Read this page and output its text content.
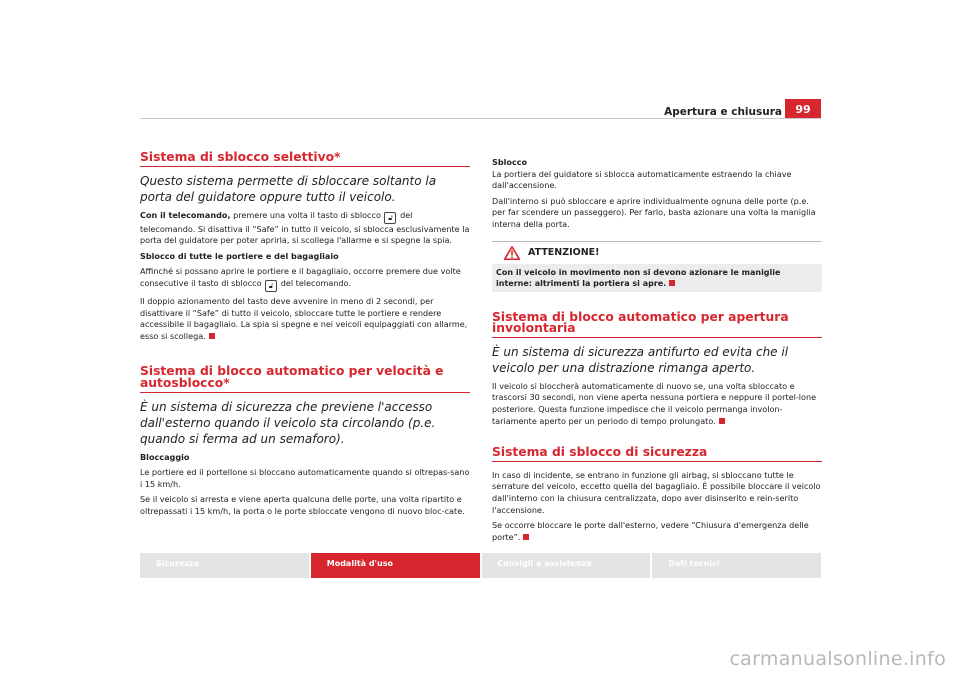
Apertura e chiusura	99
Sistema di sblocco selettivo*
Questo sistema permette di sbloccare soltanto la porta del guidatore oppure tutto il veicolo.

Con il telecomando, premere una volta il tasto di sblocco 🔓︎ del telecomando. Si disattiva il “Safe” in tutto il veicolo, si sblocca esclusivamente la porta del guidatore per poter aprirla, si scollega l'allarme e si spegne la spia.

Sblocco di tutte le portiere e del bagagliaio

Affinché si possano aprire le portiere e il bagagliaio, occorre premere due volte consecutive il tasto di sblocco 🔓︎ del telecomando.

Il doppio azionamento del tasto deve avvenire in meno di 2 secondi, per disattivare il “Safe” di tutto il veicolo, sbloccare tutte le portiere e rendere accessibile il bagagliaio. La spia si spegne e nei veicoli equipaggiati con allarme, esso si scollega.

Sistema di blocco automatico per velocità e autosblocco*
È un sistema di sicurezza che previene l'accesso dall'esterno quando il veicolo sta circolando (p.e. quando si ferma ad un semaforo).

Bloccaggio

Le portiere ed il portellone si bloccano automaticamente quando si oltrepas-sano i 15 km/h.

Se il veicolo si arresta e viene aperta qualcuna delle porte, una volta ripartito e oltrepassati i 15 km/h, la porta o le porte sbloccate vengono di nuovo bloc-cate.

Sblocco

La portiera del guidatore si sblocca automaticamente estraendo la chiave dall'accensione.

Dall'interno si può sbloccare e aprire individualmente ognuna delle porte (p.e. per far scendere un passeggero). Per farlo, basta azionare una volta la maniglia interna della porta.

ATTENZIONE!
Con il veicolo in movimento non si devono azionare le maniglie interne: altrimenti la portiera si apre.
Sistema di blocco automatico per apertura involontaria
È un sistema di sicurezza antifurto ed evita che il veicolo per una distrazione rimanga aperto.

Il veicolo si bloccherà automaticamente di nuovo se, una volta sbloccato e trascorsi 30 secondi, non viene aperta nessuna portiera e neppure il portel-lone posteriore. Questa funzione impedisce che il veicolo permanga involon-tariamente aperto per un periodo di tempo prolungato.

Sistema di sblocco di sicurezza

In caso di incidente, se entrano in funzione gli airbag, si sbloccano tutte le serrature del veicolo, eccetto quella del bagagliaio. È possibile bloccare il veicolo dall'interno con la chiusura centralizzata, dopo aver disinserito e rein-serito l'accensione.

Se occorre bloccare le porte dall'esterno, vedere “Chiusura d'emergenza delle porte”.

Sicurezza	Modalità d'uso	Consigli e assistenza	Dati tecnici
carmanualsonline.info
